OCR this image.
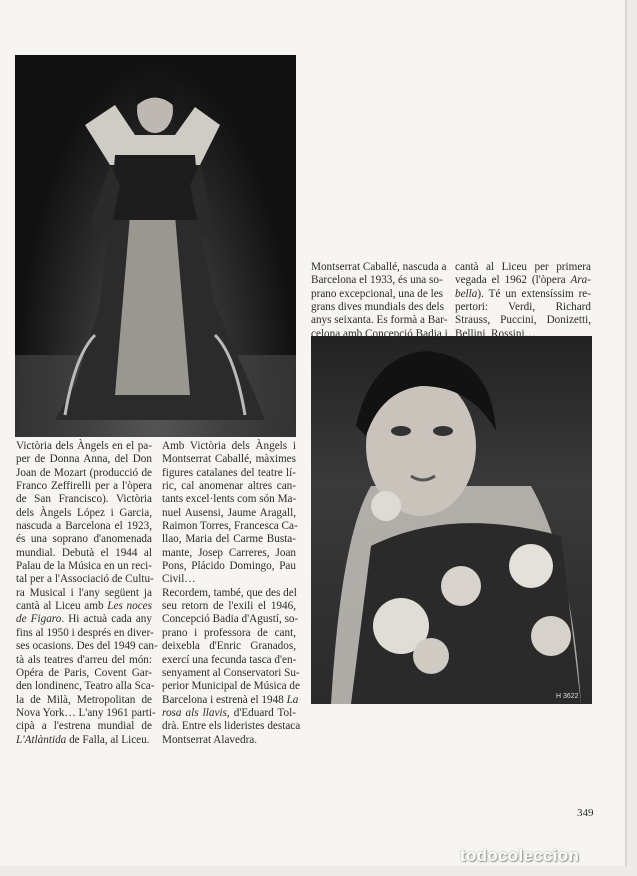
H 3622
Victòria dels Àngels en el pa-
per de Donna Anna, del Don
Joan de Mozart (producció de
Franco Zeffirelli per a l'òpera
de San Francisco). Victòria
dels Àngels López i Garcia,
nascuda a Barcelona el 1923,
és una soprano d'anomenada
mundial. Debutà el 1944 al
Palau de la Música en un reci-
tal per a l'Associació de Cultu-
ra Musical i l'any següent ja
cantà al Liceu amb Les noces
de Figaro. Hi actuà cada any
fins al 1950 i després en diver-
ses ocasions. Des del 1949 can-
tà als teatres d'arreu del món:
Opéra de Paris, Covent Gar-
den londinenc, Teatro alla Sca-
la de Milà, Metropolitan de
Nova York… L'any 1961 parti-
cipà a l'estrena mundial de
L'Atlàntida de Falla, al Liceu.
Amb Victòria dels Àngels i
Montserrat Caballé, màximes
figures catalanes del teatre lí-
ric, cal anomenar altres can-
tants excel·lents com són Ma-
nuel Ausensi, Jaume Aragall,
Raimon Torres, Francesca Ca-
llao, Maria del Carme Busta-
mante, Josep Carreres, Joan
Pons, Plácido Domingo, Pau
Civil…
Recordem, també, que des del
seu retorn de l'exili el 1946,
Concepció Badia d'Agustí, so-
prano i professora de cant,
deixebla d'Enric Granados,
exercí una fecunda tasca d'en-
senyament al Conservatori Su-
perior Municipal de Música de
Barcelona i estrenà el 1948 La
rosa als llavis, d'Eduard Tol-
drà. Entre els lideristes destaca
Montserrat Alavedra.
Montserrat Caballé, nascuda a
Barcelona el 1933, és una so-
prano excepcional, una de les
grans dives mundials des dels
anys seixanta. Es formà a Bar-
celona amb Concepció Badia i
cantà al Liceu per primera
vegada el 1962 (l'òpera Ara-
bella). Té un extensíssim re-
pertori: Verdi, Richard
Strauss, Puccini, Donizetti,
Bellini, Rossini…
349
todocoleccion
